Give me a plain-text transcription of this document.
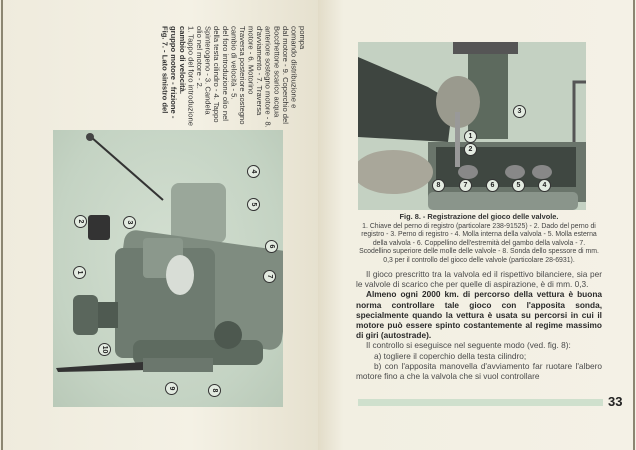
Fig. 7. - Lato sinistro del gruppo motore - frizione - cambio di velocità.
1. Tappo del foro introduzione olio nel motore - 2. Spinterogeno - 3. Candela della testa cilindro - 4. Tappo del foro introduzione olio nel cambio di velocità - 5. Traversa posteriore sostegno motore - 6. Motorino d'avviamento - 7. Traversa anteriore sostegno motore - 8. Bocchettone scarico acqua dal motore - 9. Coperchio del comando distribuzione e pompa
1
2	3
4
5
6
7
8
9
10
1
2
3
4
5
6
7
8
Fig. 8. - Registrazione del gioco delle valvole.
1. Chiave del perno di registro (particolare 238-91525) - 2. Dado del perno di registro - 3. Perno di registro - 4. Molla interna della valvola - 5. Molla esterna della valvola - 6. Coppellino dell'estremità del gambo della valvola - 7. Scodellino superiore delle molle delle valvole - 8. Sonda dello spessore di mm. 0,3 per il controllo del gioco delle valvole (particolare 28-6931).

Il gioco prescritto tra la valvola ed il rispettivo bilanciere, sia per le valvole di scarico che per quelle di aspirazione, è di mm. 0,3.

Almeno ogni 2000 km. di percorso della vettura è buona norma controllare tale gioco con l'apposita sonda, specialmente quando la vettura è usata su percorsi in cui il motore può essere spinto costantemente al regime massimo di giri (autostrade).

Il controllo si eseguisce nel seguente modo (ved. fig. 8):

a) togliere il coperchio della testa cilindro;

b) con l'apposita manovella d'avviamento far ruotare l'albero motore fino a che la valvola che si vuol controllare

33
